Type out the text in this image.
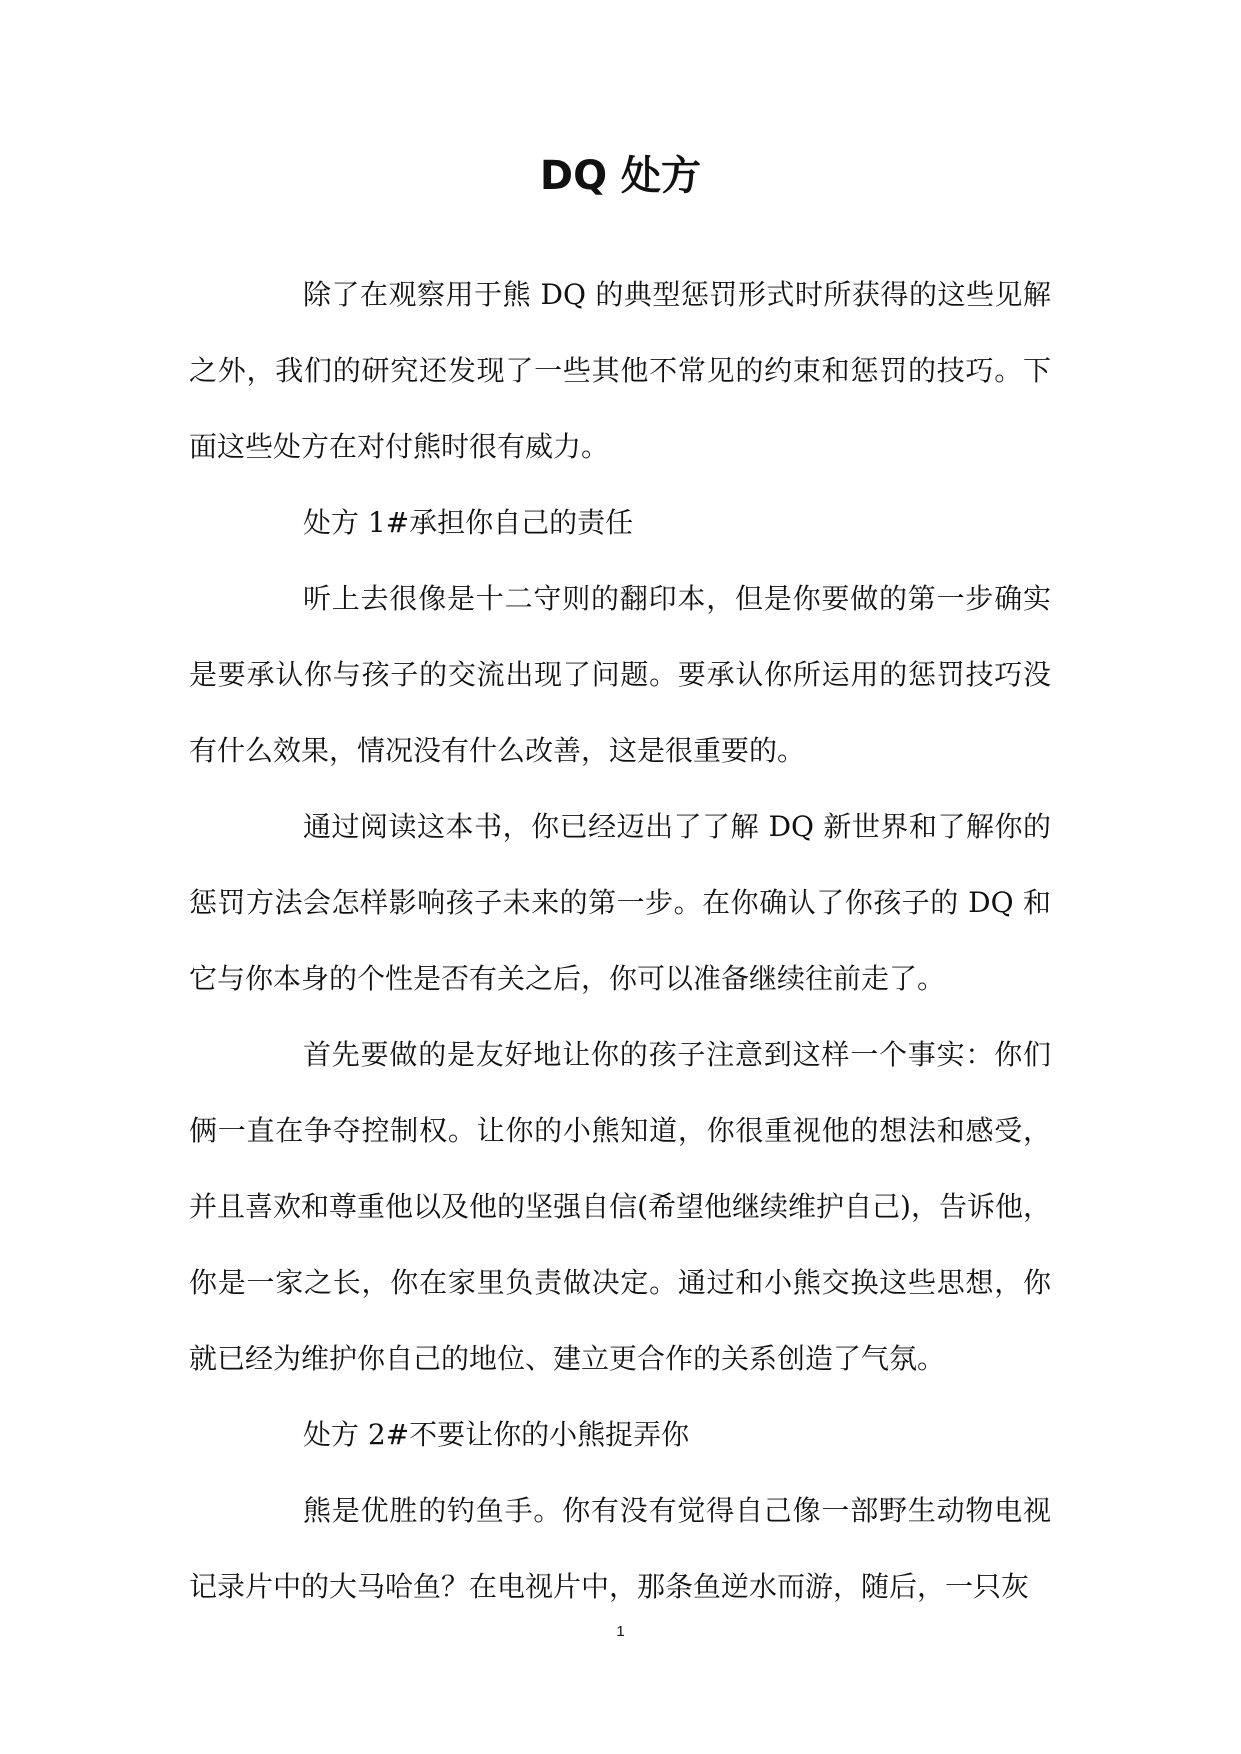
DQ 处方

除了在观察用于熊 DQ 的典型惩罚形式时所获得的这些见解之外，我们的研究还发现了一些其他不常见的约束和惩罚的技巧。下面这些处方在对付熊时很有威力。

处方 1#承担你自己的责任

听上去很像是十二守则的翻印本，但是你要做的第一步确实是要承认你与孩子的交流出现了问题。要承认你所运用的惩罚技巧没有什么效果，情况没有什么改善，这是很重要的。

通过阅读这本书，你已经迈出了了解 DQ 新世界和了解你的惩罚方法会怎样影响孩子未来的第一步。在你确认了你孩子的 DQ 和它与你本身的个性是否有关之后，你可以准备继续往前走了。

首先要做的是友好地让你的孩子注意到这样一个事实：你们俩一直在争夺控制权。让你的小熊知道，你很重视他的想法和感受，并且喜欢和尊重他以及他的坚强自信(希望他继续维护自己)，告诉他，你是一家之长，你在家里负责做决定。通过和小熊交换这些思想，你就已经为维护你自己的地位、建立更合作的关系创造了气氛。

处方 2#不要让你的小熊捉弄你

熊是优胜的钓鱼手。你有没有觉得自己像一部野生动物电视记录片中的大马哈鱼？在电视片中，那条鱼逆水而游，随后，一只灰

1
